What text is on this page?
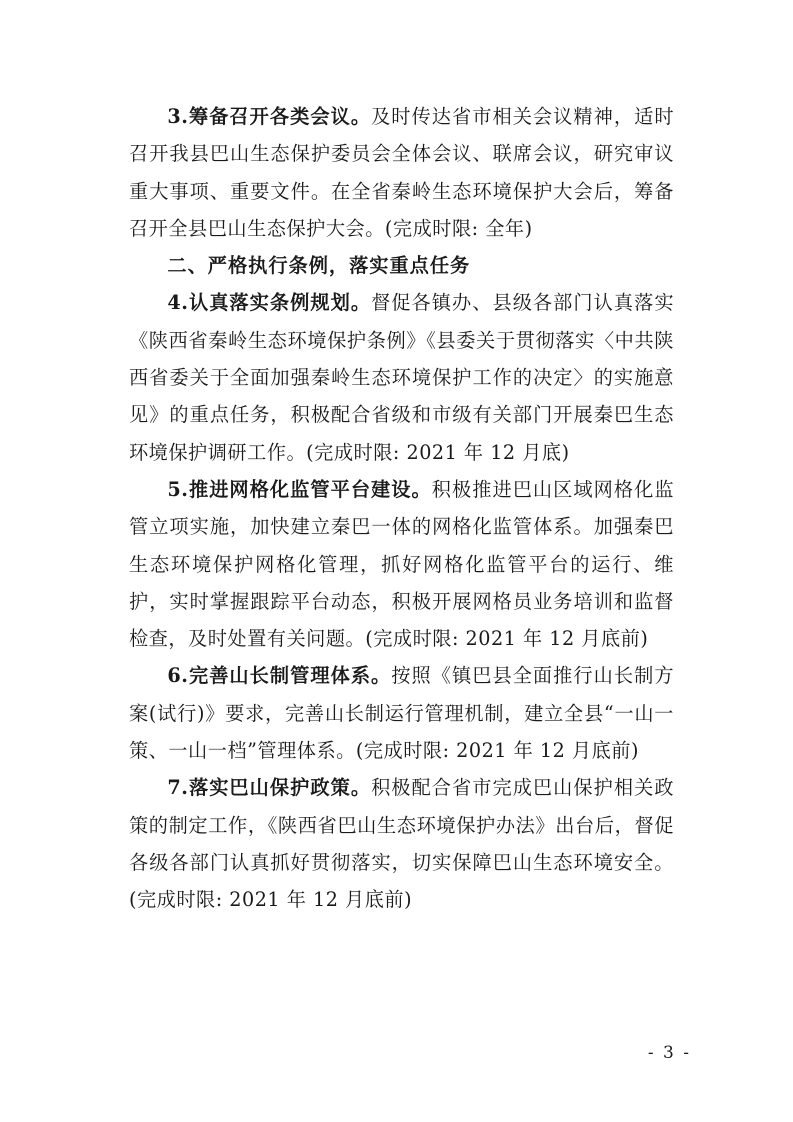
3.筹备召开各类会议。及时传达省市相关会议精神，适时召开我县巴山生态保护委员会全体会议、联席会议，研究审议重大事项、重要文件。在全省秦岭生态环境保护大会后，筹备召开全县巴山生态保护大会。(完成时限: 全年)

二、严格执行条例，落实重点任务

4.认真落实条例规划。督促各镇办、县级各部门认真落实《陕西省秦岭生态环境保护条例》《县委关于贯彻落实〈中共陕西省委关于全面加强秦岭生态环境保护工作的决定〉的实施意见》的重点任务，积极配合省级和市级有关部门开展秦巴生态环境保护调研工作。(完成时限: 2021 年 12 月底)

5.推进网格化监管平台建设。积极推进巴山区域网格化监管立项实施，加快建立秦巴一体的网格化监管体系。加强秦巴生态环境保护网格化管理，抓好网格化监管平台的运行、维护，实时掌握跟踪平台动态，积极开展网格员业务培训和监督检查，及时处置有关问题。(完成时限: 2021 年 12 月底前)

6.完善山长制管理体系。按照《镇巴县全面推行山长制方案(试行)》要求，完善山长制运行管理机制，建立全县“一山一策、一山一档”管理体系。(完成时限: 2021 年 12 月底前)

7.落实巴山保护政策。积极配合省市完成巴山保护相关政策的制定工作，《陕西省巴山生态环境保护办法》出台后，督促各级各部门认真抓好贯彻落实，切实保障巴山生态环境安全。(完成时限: 2021 年 12 月底前)

- 3 -
